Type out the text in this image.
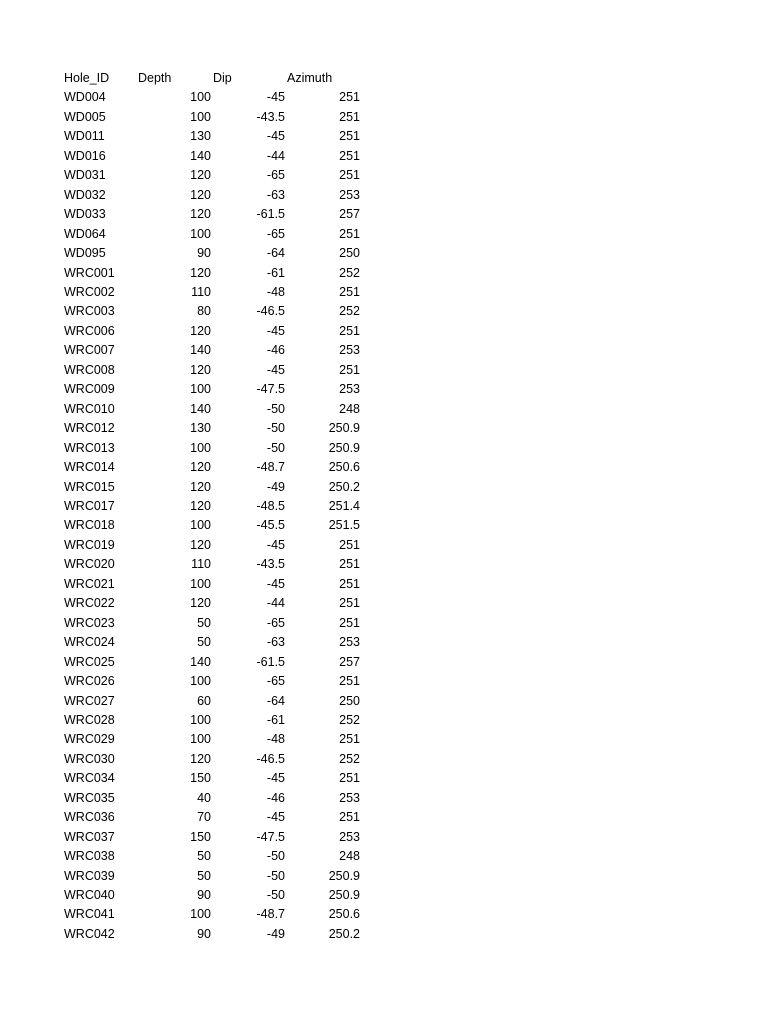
Hole_ID	Depth	Dip	Azimuth
WD004	100	-45	251
WD005	100	-43.5	251
WD011	130	-45	251
WD016	140	-44	251
WD031	120	-65	251
WD032	120	-63	253
WD033	120	-61.5	257
WD064	100	-65	251
WD095	90	-64	250
WRC001	120	-61	252
WRC002	110	-48	251
WRC003	80	-46.5	252
WRC006	120	-45	251
WRC007	140	-46	253
WRC008	120	-45	251
WRC009	100	-47.5	253
WRC010	140	-50	248
WRC012	130	-50	250.9
WRC013	100	-50	250.9
WRC014	120	-48.7	250.6
WRC015	120	-49	250.2
WRC017	120	-48.5	251.4
WRC018	100	-45.5	251.5
WRC019	120	-45	251
WRC020	110	-43.5	251
WRC021	100	-45	251
WRC022	120	-44	251
WRC023	50	-65	251
WRC024	50	-63	253
WRC025	140	-61.5	257
WRC026	100	-65	251
WRC027	60	-64	250
WRC028	100	-61	252
WRC029	100	-48	251
WRC030	120	-46.5	252
WRC034	150	-45	251
WRC035	40	-46	253
WRC036	70	-45	251
WRC037	150	-47.5	253
WRC038	50	-50	248
WRC039	50	-50	250.9
WRC040	90	-50	250.9
WRC041	100	-48.7	250.6
WRC042	90	-49	250.2
